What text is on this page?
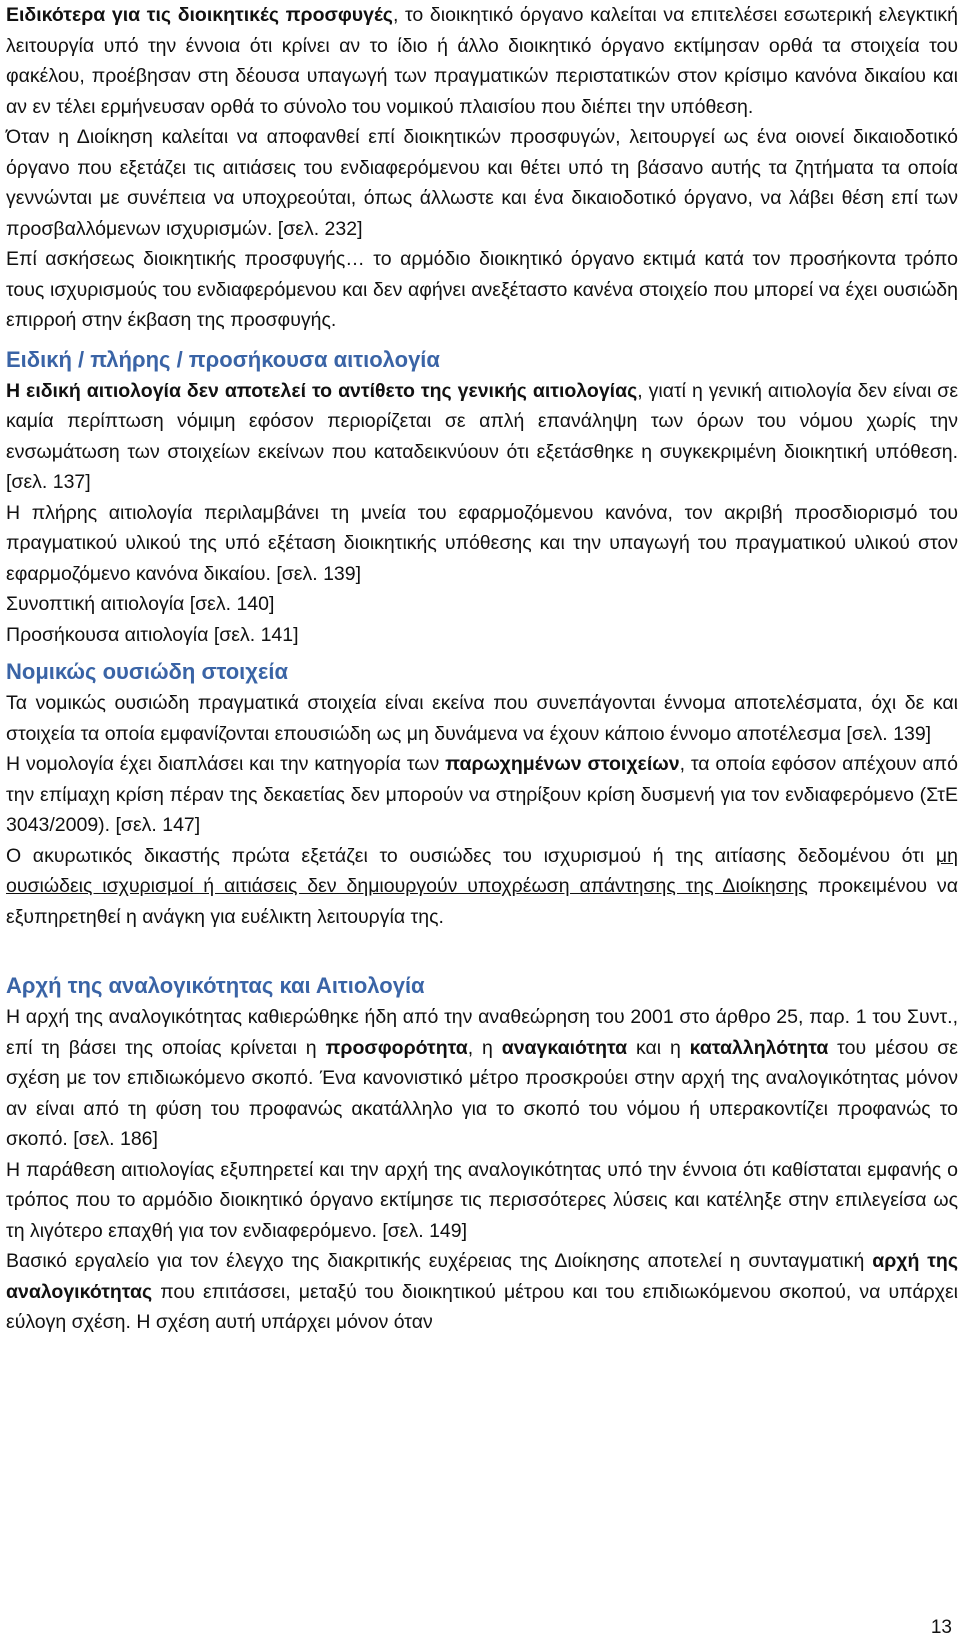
Ειδικότερα για τις διοικητικές προσφυγές, το διοικητικό όργανο καλείται να επιτελέσει εσωτερική ελεγκτική λειτουργία υπό την έννοια ότι κρίνει αν το ίδιο ή άλλο διοικητικό όργανο εκτίμησαν ορθά τα στοιχεία του φακέλου, προέβησαν στη δέουσα υπαγωγή των πραγματικών περιστατικών στον κρίσιμο κανόνα δικαίου και αν εν τέλει ερμήνευσαν ορθά το σύνολο του νομικού πλαισίου που διέπει την υπόθεση.

Όταν η Διοίκηση καλείται να αποφανθεί επί διοικητικών προσφυγών, λειτουργεί ως ένα οιονεί δικαιοδοτικό όργανο που εξετάζει τις αιτιάσεις του ενδιαφερόμενου και θέτει υπό τη βάσανο αυτής τα ζητήματα τα οποία γεννώνται με συνέπεια να υποχρεούται, όπως άλλωστε και ένα δικαιοδοτικό όργανο, να λάβει θέση επί των προσβαλλόμενων ισχυρισμών. [σελ. 232]

Επί ασκήσεως διοικητικής προσφυγής… το αρμόδιο διοικητικό όργανο εκτιμά κατά τον προσήκοντα τρόπο τους ισχυρισμούς του ενδιαφερόμενου και δεν αφήνει ανεξέταστο κανένα στοιχείο που μπορεί να έχει ουσιώδη επιρροή στην έκβαση της προσφυγής.

Ειδική / πλήρης / προσήκουσα αιτιολογία

Η ειδική αιτιολογία δεν αποτελεί το αντίθετο της γενικής αιτιολογίας, γιατί η γενική αιτιολογία δεν είναι σε καμία περίπτωση νόμιμη εφόσον περιορίζεται σε απλή επανάληψη των όρων του νόμου χωρίς την ενσωμάτωση των στοιχείων εκείνων που καταδεικνύουν ότι εξετάσθηκε η συγκεκριμένη διοικητική υπόθεση. [σελ. 137]

Η πλήρης αιτιολογία περιλαμβάνει τη μνεία του εφαρμοζόμενου κανόνα, τον ακριβή προσδιορισμό του πραγματικού υλικού της υπό εξέταση διοικητικής υπόθεσης και την υπαγωγή του πραγματικού υλικού στον εφαρμοζόμενο κανόνα δικαίου. [σελ. 139]

Συνοπτική αιτιολογία [σελ. 140]

Προσήκουσα αιτιολογία [σελ. 141]

Νομικώς ουσιώδη στοιχεία

Τα νομικώς ουσιώδη πραγματικά στοιχεία είναι εκείνα που συνεπάγονται έννομα αποτελέσματα, όχι δε και στοιχεία τα οποία εμφανίζονται επουσιώδη ως μη δυνάμενα να έχουν κάποιο έννομο αποτέλεσμα [σελ. 139]

Η νομολογία έχει διαπλάσει και την κατηγορία των παρωχημένων στοιχείων, τα οποία εφόσον απέχουν από την επίμαχη κρίση πέραν της δεκαετίας δεν μπορούν να στηρίξουν κρίση δυσμενή για τον ενδιαφερόμενο (ΣτΕ 3043/2009). [σελ. 147]

Ο ακυρωτικός δικαστής πρώτα εξετάζει το ουσιώδες του ισχυρισμού ή της αιτίασης δεδομένου ότι μη ουσιώδεις ισχυρισμοί ή αιτιάσεις δεν δημιουργούν υποχρέωση απάντησης της Διοίκησης προκειμένου να εξυπηρετηθεί η ανάγκη για ευέλικτη λειτουργία της.

Αρχή της αναλογικότητας και Αιτιολογία

Η αρχή της αναλογικότητας καθιερώθηκε ήδη από την αναθεώρηση του 2001 στο άρθρο 25, παρ. 1 του Συντ., επί τη βάσει της οποίας κρίνεται η προσφορότητα, η αναγκαιότητα και η καταλληλότητα του μέσου σε σχέση με τον επιδιωκόμενο σκοπό. Ένα κανονιστικό μέτρο προσκρούει στην αρχή της αναλογικότητας μόνον αν είναι από τη φύση του προφανώς ακατάλληλο για το σκοπό του νόμου ή υπερακοντίζει προφανώς το σκοπό. [σελ. 186]

Η παράθεση αιτιολογίας εξυπηρετεί και την αρχή της αναλογικότητας υπό την έννοια ότι καθίσταται εμφανής ο τρόπος που το αρμόδιο διοικητικό όργανο εκτίμησε τις περισσότερες λύσεις και κατέληξε στην επιλεγείσα ως τη λιγότερο επαχθή για τον ενδιαφερόμενο. [σελ. 149]

Βασικό εργαλείο για τον έλεγχο της διακριτικής ευχέρειας της Διοίκησης αποτελεί η συνταγματική αρχή της αναλογικότητας που επιτάσσει, μεταξύ του διοικητικού μέτρου και του επιδιωκόμενου σκοπού, να υπάρχει εύλογη σχέση. Η σχέση αυτή υπάρχει μόνον όταν

13
